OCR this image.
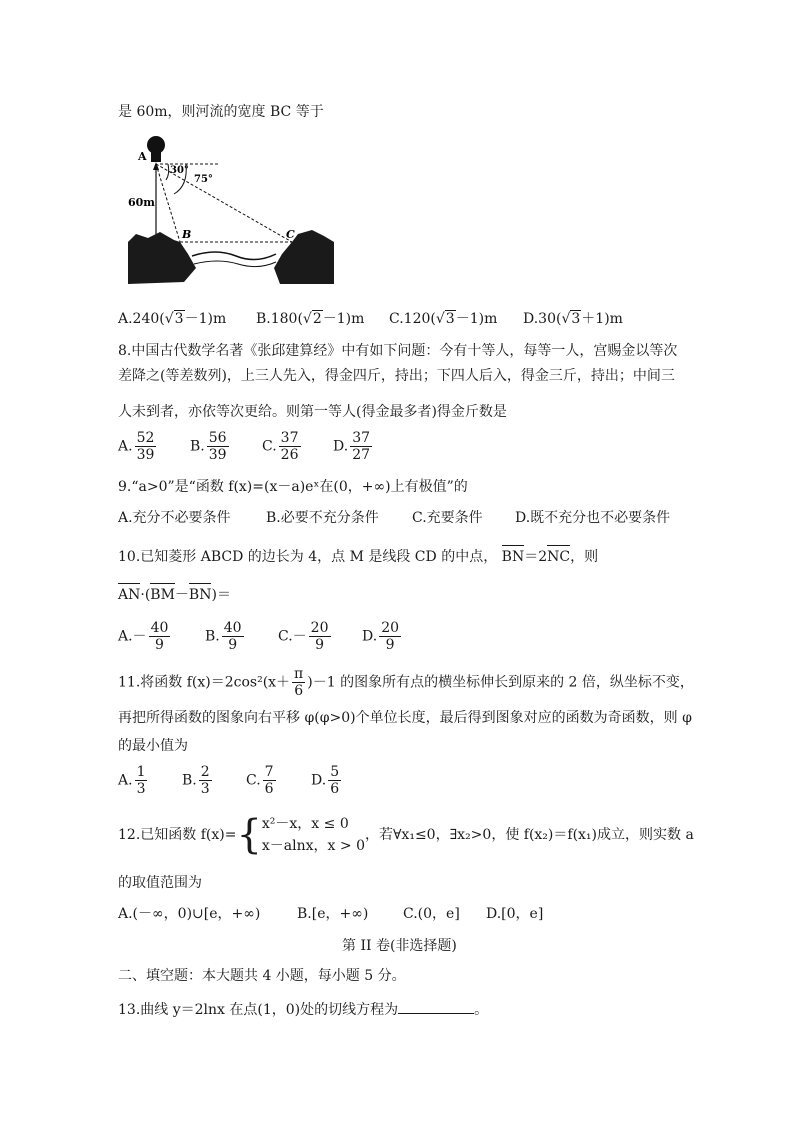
是 60m，则河流的宽度 BC 等于
A
30°
75°
60m
B	C
A.240(√3－1)m B.180(√2－1)m C.120(√3－1)m D.30(√3＋1)m
8.中国古代数学名著《张邱建算经》中有如下问题：今有十等人，每等一人，宫赐金以等次
差降之(等差数列)，上三人先入，得金四斤，持出；下四人后入，得金三斤，持出；中间三
人未到者，亦依等次更给。则第一等人(得金最多者)得金斤数是
A. $\frac{52}{39} B$. $\frac{56}{39} C$. $\frac{37}{26} D$. $\frac{37}{27}$
9.“a>0”是“函数 f(x)=(x－a)eˣ在(0，+∞)上有极值”的
A.充分不必要条件	B.必要不充分条件 C.充要条件 D.既不充分也不必要条件
10.已知菱形 ABCD 的边长为 4，点 M 是线段 CD 的中点， BN＝2NC，则
AN·(BM－BN)＝
$A.- \frac{40}{9} B$. $\frac{40}{9} C.- \frac{20}{9} D$. $\frac{20}{9}$
11.将函数 $f(x)=2\cos^2(x+ \frac{\pi}{6} )-1$ 的图象所有点的横坐标伸长到原来的 2 倍，纵坐标不变，
再把所得函数的图象向右平移 φ(φ>0)个单位长度，最后得到图象对应的函数为奇函数，则 φ
的最小值为
A. $\frac{1}{3} B$. $\frac{2}{3} C$. $\frac{7}{6}$	D. $\frac{5}{6}$
12.已知函数 f(x)={ x²－x，x ≤ 0
x－alnx，x > 0
，若∀x₁≤0，∃x₂>0，使 f(x₂)＝f(x₁)成立，则实数 a
的取值范围为
A.(－∞，0)∪[e，+∞)	B.[e，+∞) C.(0，e] D.[0，e]
第 II 卷(非选择题)
二、填空题：本大题共 4 小题，每小题 5 分。
13.曲线 y＝2lnx 在点(1，0)处的切线方程为	。
